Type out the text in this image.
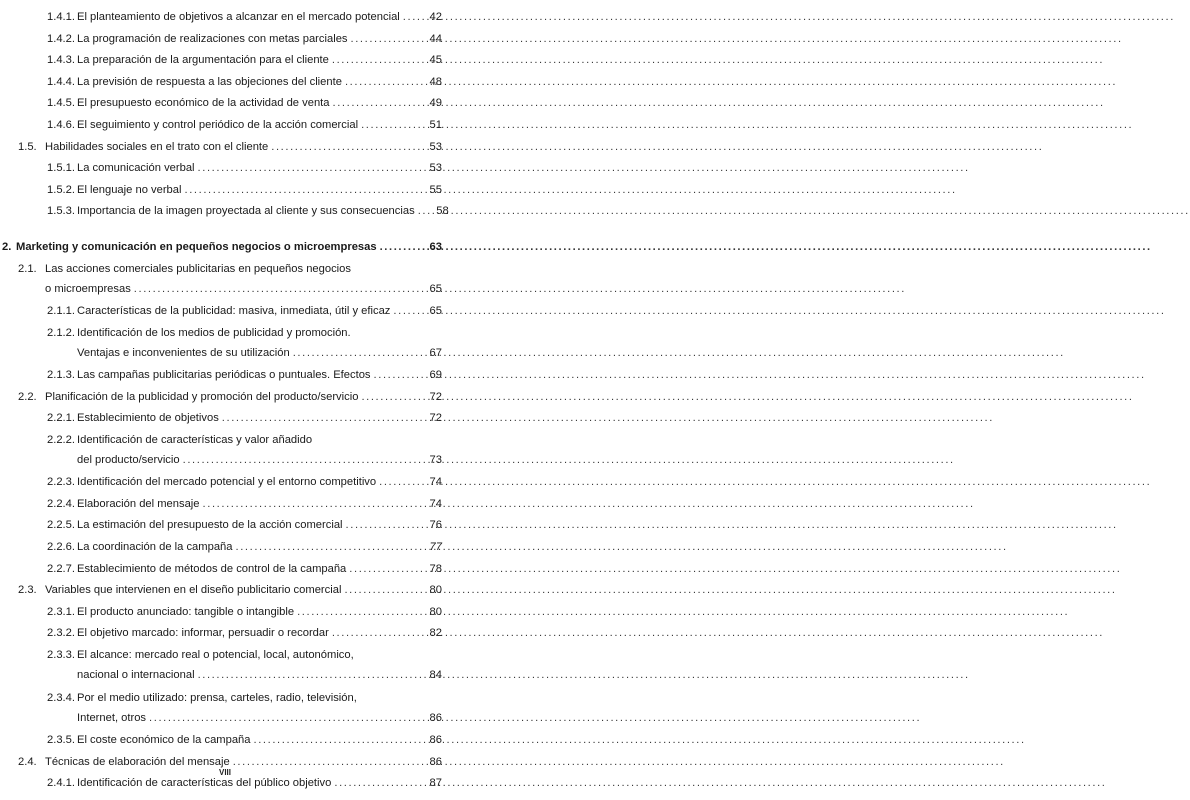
1.4.1. El planteamiento de objetivos a alcanzar en el mercado potencial .....	42
1.4.2. La programación de realizaciones con metas parciales .....	44
1.4.3. La preparación de la argumentación para el cliente .....	45
1.4.4. La previsión de respuesta a las objeciones del cliente .....	48
1.4.5. El presupuesto económico de la actividad de venta .....	49
1.4.6. El seguimiento y control periódico de la acción comercial .....	51
1.5. Habilidades sociales en el trato con el cliente .....	53
1.5.1. La comunicación verbal .....	53
1.5.2. El lenguaje no verbal .....	55
1.5.3. Importancia de la imagen proyectada al cliente y sus consecuencias .....	58
2. Marketing y comunicación en pequeños negocios o microempresas .....	63
2.1. Las acciones comerciales publicitarias en pequeños negocios
o microempresas .....	65
2.1.1. Características de la publicidad: masiva, inmediata, útil y eficaz .....	65
2.1.2. Identificación de los medios de publicidad y promoción.
Ventajas e inconvenientes de su utilización .....	67
2.1.3. Las campañas publicitarias periódicas o puntuales. Efectos .....	69
2.2. Planificación de la publicidad y promoción del producto/servicio .....	72
2.2.1. Establecimiento de objetivos .....	72
2.2.2. Identificación de características y valor añadido
del producto/servicio .....	73
2.2.3. Identificación del mercado potencial y el entorno competitivo .....	74
2.2.4. Elaboración del mensaje .....	74
2.2.5. La estimación del presupuesto de la acción comercial .....	76
2.2.6. La coordinación de la campaña .....	77
2.2.7. Establecimiento de métodos de control de la campaña .....	78
2.3. Variables que intervienen en el diseño publicitario comercial .....	80
2.3.1. El producto anunciado: tangible o intangible .....	80
2.3.2. El objetivo marcado: informar, persuadir o recordar .....	82
2.3.3. El alcance: mercado real o potencial, local, autonómico,
nacional o internacional .....	84
2.3.4. Por el medio utilizado: prensa, carteles, radio, televisión,
Internet, otros .....	86
2.3.5. El coste económico de la campaña .....	86
2.4. Técnicas de elaboración del mensaje .....	86
2.4.1. Identificación de características del público objetivo .....	87
VIII
